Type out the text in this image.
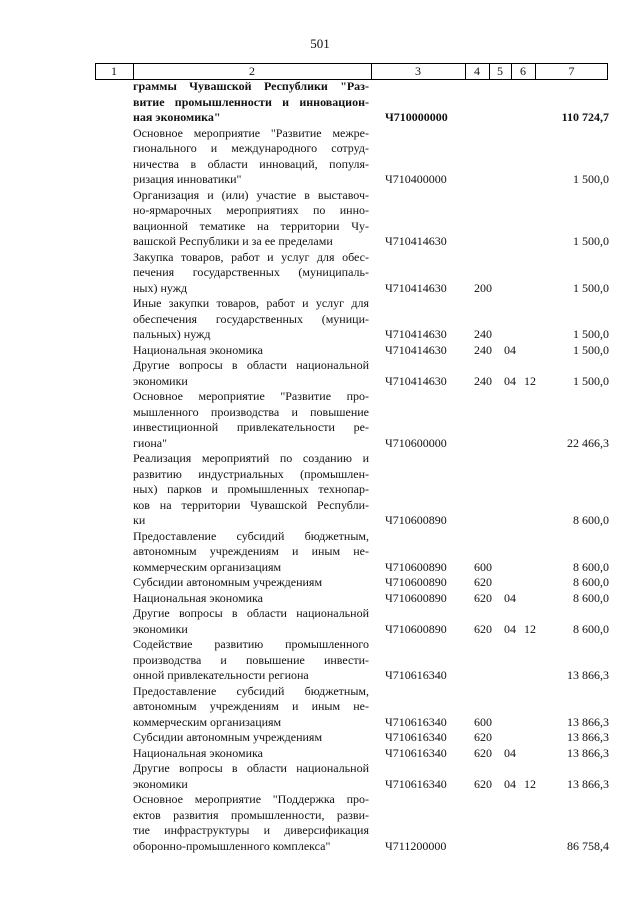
501
1	2	3	4	5	6	7
граммы Чувашской Республики "Раз-
витие промышленности и инновацион-
ная экономика"	Ч710000000	110 724,7
Основное мероприятие "Развитие межре-
гионального и международного сотруд-
ничества в области инноваций, популя-
ризация инноватики"	Ч710400000	1 500,0
Организация и (или) участие в выставоч-
но-ярмарочных мероприятиях по инно-
вационной тематике на территории Чу-
вашской Республики и за ее пределами	Ч710414630	1 500,0
Закупка товаров, работ и услуг для обес-
печения государственных (муниципаль-
ных) нужд	Ч710414630 200	1 500,0
Иные закупки товаров, работ и услуг для
обеспечения государственных (муници-
пальных) нужд	Ч710414630 240	1 500,0
Национальная экономика	Ч710414630 240 04	1 500,0
Другие вопросы в области национальной
экономики	Ч710414630 240 04 12	1 500,0
Основное мероприятие "Развитие про-
мышленного производства и повышение
инвестиционной привлекательности ре-
гиона"	Ч710600000	22 466,3
Реализация мероприятий по созданию и
развитию индустриальных (промышлен-
ных) парков и промышленных технопар-
ков на территории Чувашской Республи-
ки	Ч710600890	8 600,0
Предоставление субсидий бюджетным,
автономным учреждениям и иным не-
коммерческим организациям	Ч710600890 600	8 600,0
Субсидии автономным учреждениям	Ч710600890 620	8 600,0
Национальная экономика	Ч710600890 620 04	8 600,0
Другие вопросы в области национальной
экономики	Ч710600890 620 04 12	8 600,0
Содействие развитию промышленного
производства и повышение инвести-
онной привлекательности региона	Ч710616340	13 866,3
Предоставление субсидий бюджетным,
автономным учреждениям и иным не-
коммерческим организациям	Ч710616340 600	13 866,3
Субсидии автономным учреждениям	Ч710616340 620	13 866,3
Национальная экономика	Ч710616340 620 04	13 866,3
Другие вопросы в области национальной
экономики	Ч710616340 620 04 12	13 866,3
Основное мероприятие "Поддержка про-
ектов развития промышленности, разви-
тие инфраструктуры и диверсификация
оборонно-промышленного комплекса"	Ч711200000	86 758,4
